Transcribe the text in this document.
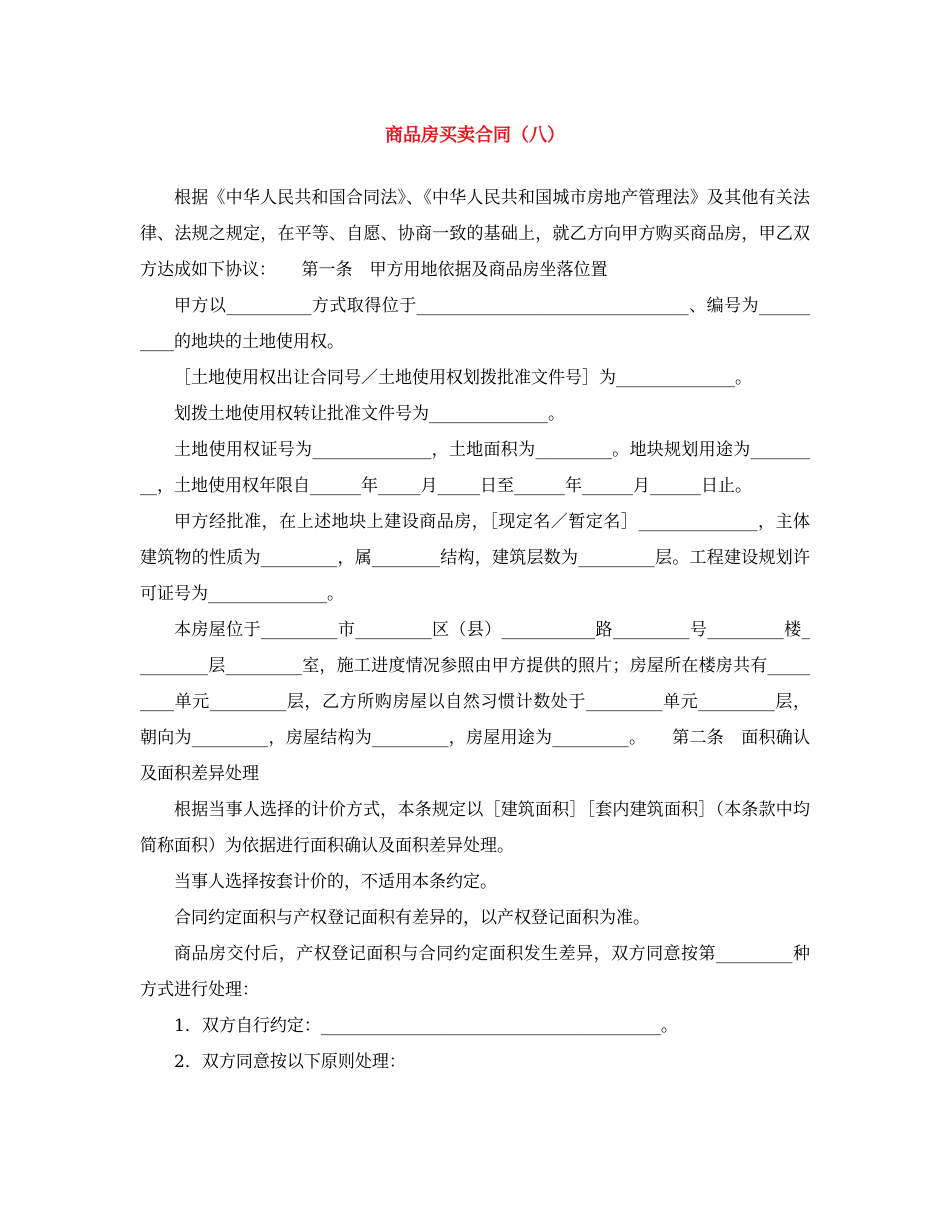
商品房买卖合同（八）

根据《中华人民共和国合同法》、《中华人民共和国城市房地产管理法》及其他有关法律、法规之规定，在平等、自愿、协商一致的基础上，就乙方向甲方购买商品房，甲乙双方达成如下协议：　　第一条　甲方用地依据及商品房坐落位置

甲方以__________方式取得位于________________________________、编号为__________的地块的土地使用权。

［土地使用权出让合同号／土地使用权划拨批准文件号］为______________。

划拨土地使用权转让批准文件号为______________。

土地使用权证号为______________，土地面积为_________。地块规划用途为_________，土地使用权年限自______年_____月_____日至______年______月______日止。

甲方经批准，在上述地块上建设商品房，［现定名／暂定名］______________，主体建筑物的性质为_________，属________结构，建筑层数为_________层。工程建设规划许可证号为______________。

本房屋位于_________市_________区（县）___________路_________号_________楼_________层_________室，施工进度情况参照由甲方提供的照片；房屋所在楼房共有_________单元_________层，乙方所购房屋以自然习惯计数处于_________单元_________层，朝向为_________，房屋结构为_________，房屋用途为_________。　　第二条　面积确认及面积差异处理

根据当事人选择的计价方式，本条规定以［建筑面积］［套内建筑面积］（本条款中均简称面积）为依据进行面积确认及面积差异处理。

当事人选择按套计价的，不适用本条约定。

合同约定面积与产权登记面积有差异的，以产权登记面积为准。

商品房交付后，产权登记面积与合同约定面积发生差异，双方同意按第_________种方式进行处理：

1．双方自行约定：________________________________________。

2．双方同意按以下原则处理：
